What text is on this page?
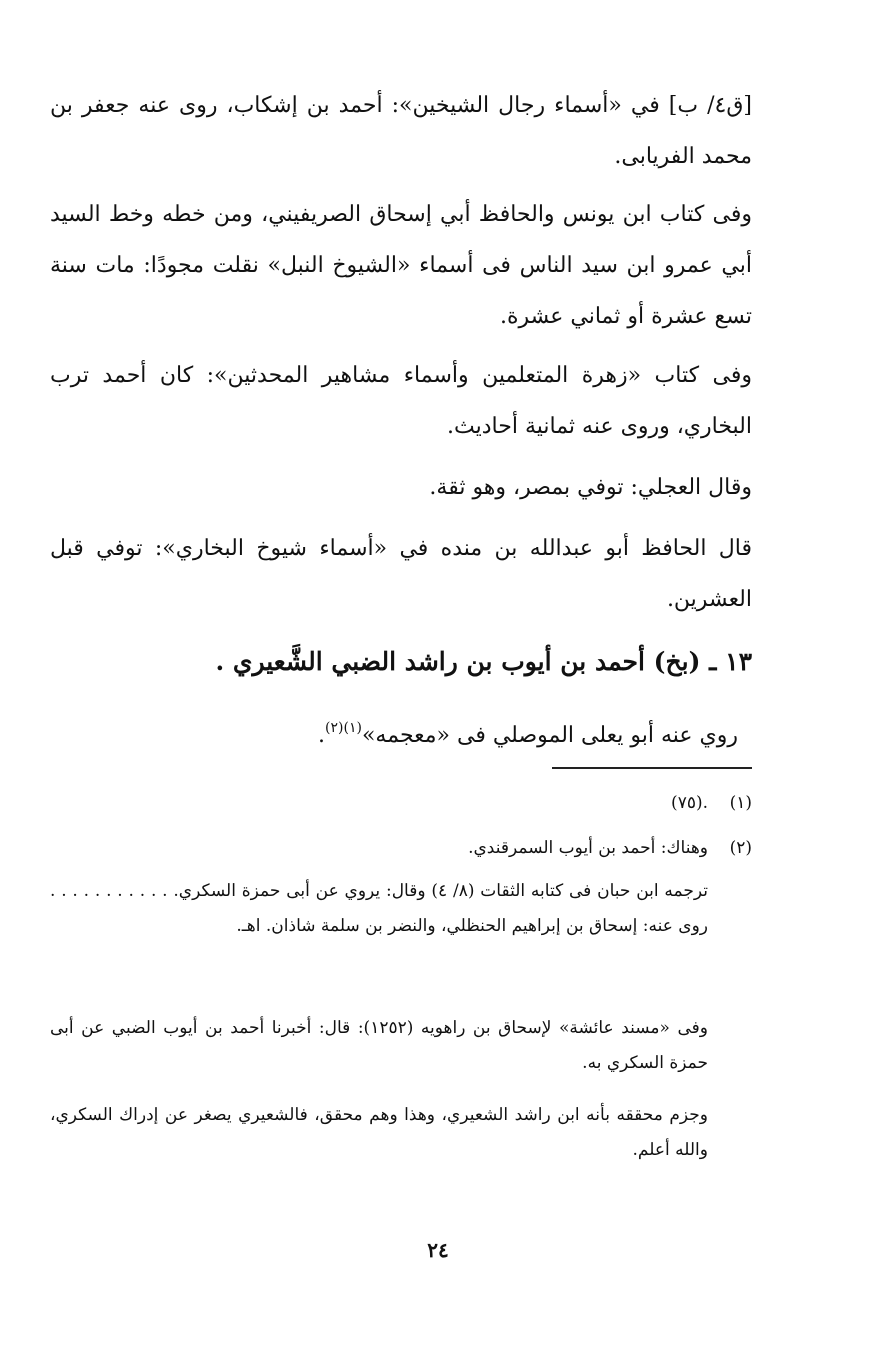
[ق٤/ ب] في «أسماء رجال الشيخين»: أحمد بن إشكاب، روى عنه جعفر بن محمد الفريابى.

وفى كتاب ابن يونس والحافظ أبي إسحاق الصريفيني، ومن خطه وخط السيد أبي عمرو ابن سيد الناس فى أسماء «الشيوخ النبل» نقلت مجودًا: مات سنة تسع عشرة أو ثماني عشرة.

وفى كتاب «زهرة المتعلمين وأسماء مشاهير المحدثين»: كان أحمد ترب البخاري، وروى عنه ثمانية أحاديث.

وقال العجلي: توفي بمصر، وهو ثقة.

قال الحافظ أبو عبدالله بن منده في «أسماء شيوخ البخاري»: توفي قبل العشرين.

١٣ ـ (بخ) أحمد بن أيوب بن راشد الضبي الشَّعيري .

روي عنه أبو يعلى الموصلي فى «معجمه»$^{(١)(٢)}$.

(١).(٧٥)

(٢)وهناك: أحمد بن أيوب السمرقندي.

ترجمه ابن حبان فى كتابه الثقات (٨/ ٤) وقال: يروي عن أبى حمزة السكري. . . . . . . . . . . . روى عنه: إسحاق بن إبراهيم الحنظلي، والنضر بن سلمة شاذان. اهـ.

وفى «مسند عائشة» لإسحاق بن راهويه (١٢٥٢): قال: أخبرنا أحمد بن أيوب الضبي عن أبى حمزة السكري به.

وجزم محققه بأنه ابن راشد الشعيري، وهذا وهم محقق، فالشعيري يصغر عن إدراك السكري، والله أعلم.

٢٤
